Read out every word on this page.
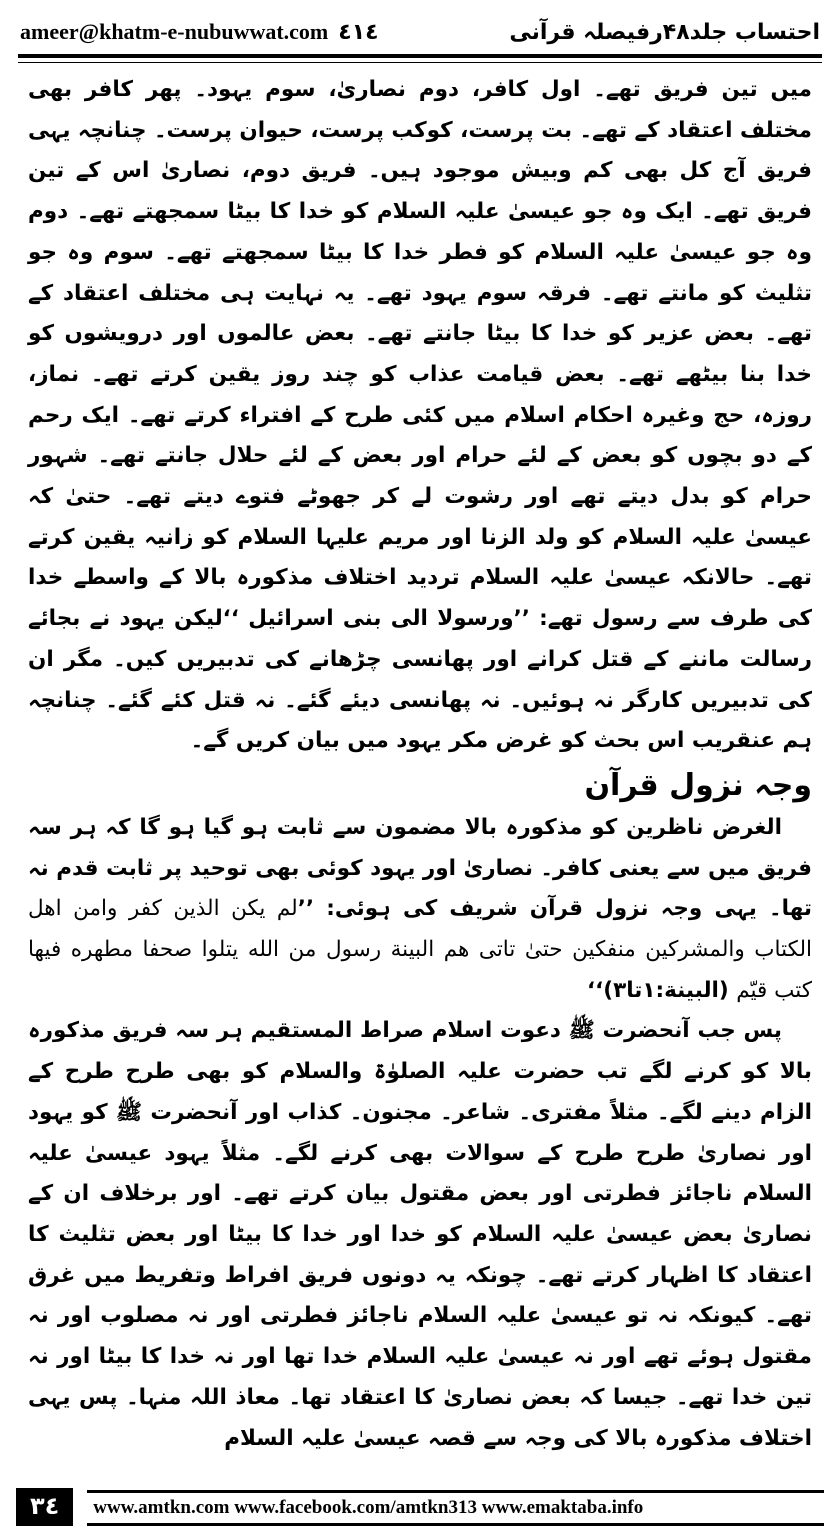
ameer@khatm-e-nubuwwat.com ٤١٤	احتساب جلد۴۸رفیصلہ قرآنی

میں تین فریق تھے۔ اول کافر، دوم نصاریٰ، سوم یہود۔ پھر کافر بھی مختلف اعتقاد کے تھے۔ بت پرست، کوکب پرست، حیوان پرست۔ چنانچہ یہی فریق آج کل بھی کم وبیش موجود ہیں۔ فریق دوم، نصاریٰ اس کے تین فریق تھے۔ ایک وہ جو عیسیٰ علیہ السلام کو خدا کا بیٹا سمجھتے تھے۔ دوم وہ جو عیسیٰ علیہ السلام کو فطر خدا کا بیٹا سمجھتے تھے۔ سوم وہ جو تثلیث کو مانتے تھے۔ فرقہ سوم یہود تھے۔ یہ نہایت ہی مختلف اعتقاد کے تھے۔ بعض عزیر کو خدا کا بیٹا جانتے تھے۔ بعض عالموں اور درویشوں کو خدا بنا بیٹھے تھے۔ بعض قیامت عذاب کو چند روز یقین کرتے تھے۔ نماز، روزہ، حج وغیرہ احکام اسلام میں کئی طرح کے افتراء کرتے تھے۔ ایک رحم کے دو بچوں کو بعض کے لئے حرام اور بعض کے لئے حلال جانتے تھے۔ شہور حرام کو بدل دیتے تھے اور رشوت لے کر جھوٹے فتوے دیتے تھے۔ حتیٰ کہ عیسیٰ علیہ السلام کو ولد الزنا اور مریم علیہا السلام کو زانیہ یقین کرتے تھے۔ حالانکہ عیسیٰ علیہ السلام تردید اختلاف مذکورہ بالا کے واسطے خدا کی طرف سے رسول تھے: ’’ورسولا الی بنی اسرائیل ‘‘لیکن یہود نے بجائے رسالت ماننے کے قتل کرانے اور پھانسی چڑھانے کی تدبیریں کیں۔ مگر ان کی تدبیریں کارگر نہ ہوئیں۔ نہ پھانسی دیئے گئے۔ نہ قتل کئے گئے۔ چنانچہ ہم عنقریب اس بحث کو غرض مکر یہود میں بیان کریں گے۔

وجہ نزول قرآن

الغرض ناظرین کو مذکورہ بالا مضمون سے ثابت ہو گیا ہو گا کہ ہر سہ فریق میں سے یعنی کافر۔ نصاریٰ اور یہود کوئی بھی توحید پر ثابت قدم نہ تھا۔ یہی وجہ نزول قرآن شریف کی ہوئی: ’’لم یکن الذین کفر وامن اهل الکتاب والمشرکین منفکین حتیٰ تاتی هم البینة رسول من الله یتلوا صحفا مطهره فیها کتب قیّم (البینة:۱تا۳)‘‘

پس جب آنحضرت ﷺ دعوت اسلام صراط المستقیم ہر سہ فریق مذکورہ بالا کو کرنے لگے تب حضرت علیہ الصلوٰۃ والسلام کو بھی طرح طرح کے الزام دینے لگے۔ مثلاً مفتری۔ شاعر۔ مجنون۔ کذاب اور آنحضرت ﷺ کو یہود اور نصاریٰ طرح طرح کے سوالات بھی کرنے لگے۔ مثلاً یہود عیسیٰ علیہ السلام ناجائز فطرتی اور بعض مقتول بیان کرتے تھے۔ اور برخلاف ان کے نصاریٰ بعض عیسیٰ علیہ السلام کو خدا اور خدا کا بیٹا اور بعض تثلیث کا اعتقاد کا اظہار کرتے تھے۔ چونکہ یہ دونوں فریق افراط وتفریط میں غرق تھے۔ کیونکہ نہ تو عیسیٰ علیہ السلام ناجائز فطرتی اور نہ مصلوب اور نہ مقتول ہوئے تھے اور نہ عیسیٰ علیہ السلام خدا تھا اور نہ خدا کا بیٹا اور نہ تین خدا تھے۔ جیسا کہ بعض نصاریٰ کا اعتقاد تھا۔ معاذ اللہ منہا۔ پس یہی اختلاف مذکورہ بالا کی وجہ سے قصہ عیسیٰ علیہ السلام

٣٤	www.amtkn.com www.facebook.com/amtkn313 www.emaktaba.info
